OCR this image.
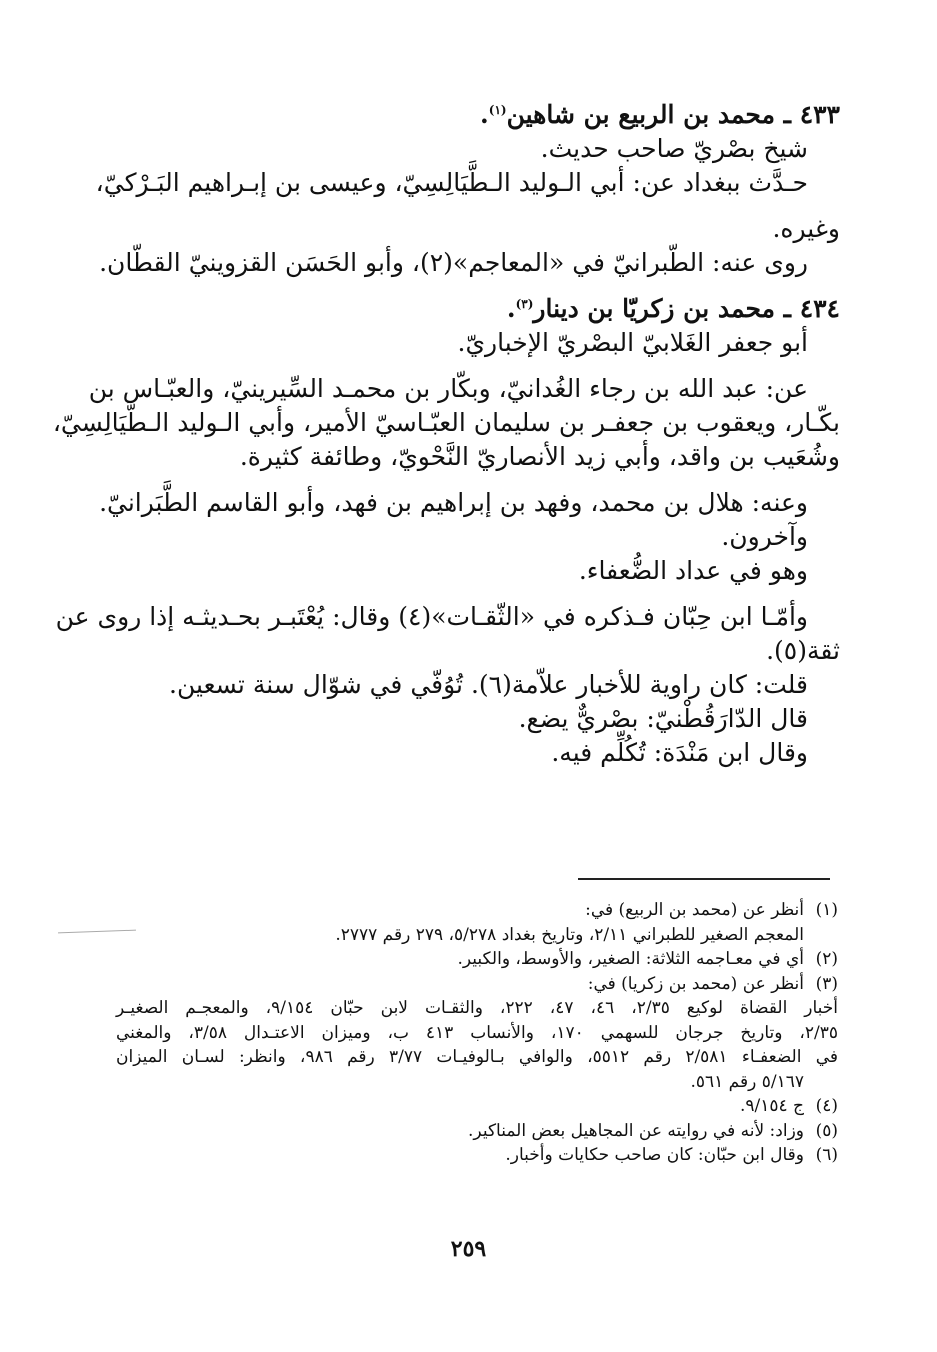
٤٣٣ ـ محمد بن الربيع بن شاهين$^{(١)}$.
شيخ بصْريّ صاحب حديث.
حـدَّث ببغداد عن: أبي الـوليد الـطَّيَالِسِيّ، وعيسى بن إبـراهيم البَـرْكيّ،
وغيره.
روى عنه: الطّبرانيّ في «المعاجم»(٢)، وأبو الحَسَن القزوينيّ القطّان.
٤٣٤ ـ محمد بن زكريّا بن دينار$^{(٣)}$.
أبو جعفر الغَلابيّ البصْريّ الإخباريّ.
عن: عبد الله بن رجاء الغُدانيّ، وبكّار بن محمـد السِّيرينيّ، والعبّـاس بن
بكّـار، ويعقوب بن جعفـر بن سليمان العبّـاسيّ الأمير، وأبي الـوليد الـطَّيَالِسِيّ،
وشُعَيب بن واقد، وأبي زيد الأنصاريّ النَّحْويّ، وطائفة كثيرة.
وعنه: هلال بن محمد، وفهد بن إبراهيم بن فهد، وأبو القاسم الطَّبَرانيّ.
وآخرون.
وهو في عداد الضُّعفاء.
وأمّـا ابن حِبّان فـذكره في «الثّقـات»(٤) وقال: يُعْتَبـر بحـديثـه إذا روى عن
ثقة(٥).
قلت: كان راوية للأخبار علاّمة(٦). تُوُفّي في شوّال سنة تسعين.
قال الدّارَقُطْنيّ: بصْريٌّ يضع.
وقال ابن مَنْدَة: تُكُلِّم فيه.
(١)أنظر عن (محمد بن الربيع) في:
المعجم الصغير للطبراني ٢/١١، وتاريخ بغداد ٥/٢٧٨، ٢٧٩ رقم ٢٧٧٧.
(٢)أي في معـاجمه الثلاثة: الصغير، والأوسط، والكبير.
(٣)أنظر عن (محمد بن زكريا) في:
أخبار القضاة لوكيع ٢/٣٥، ٤٦، ٤٧، ٢٢٢، والثقـات لابن حبّان ٩/١٥٤، والمعجـم الصغيـر
٢/٣٥، وتاريخ جرجان للسهمي ١٧٠، والأنساب ٤١٣ ب، وميزان الاعتـدال ٣/٥٨، والمغني
في الضعفـاء ٢/٥٨١ رقم ٥٥١٢، والوافي بـالوفيـات ٣/٧٧ رقم ٩٨٦، وانظر: لسـان الميزان
٥/١٦٧ رقم ٥٦١.
(٤)ج ٩/١٥٤.
(٥)وزاد: لأنه في روايته عن المجاهيل بعض المناكير.
(٦)وقال ابن حبّان: كان صاحب حكايات وأخبار.
٢٥٩
